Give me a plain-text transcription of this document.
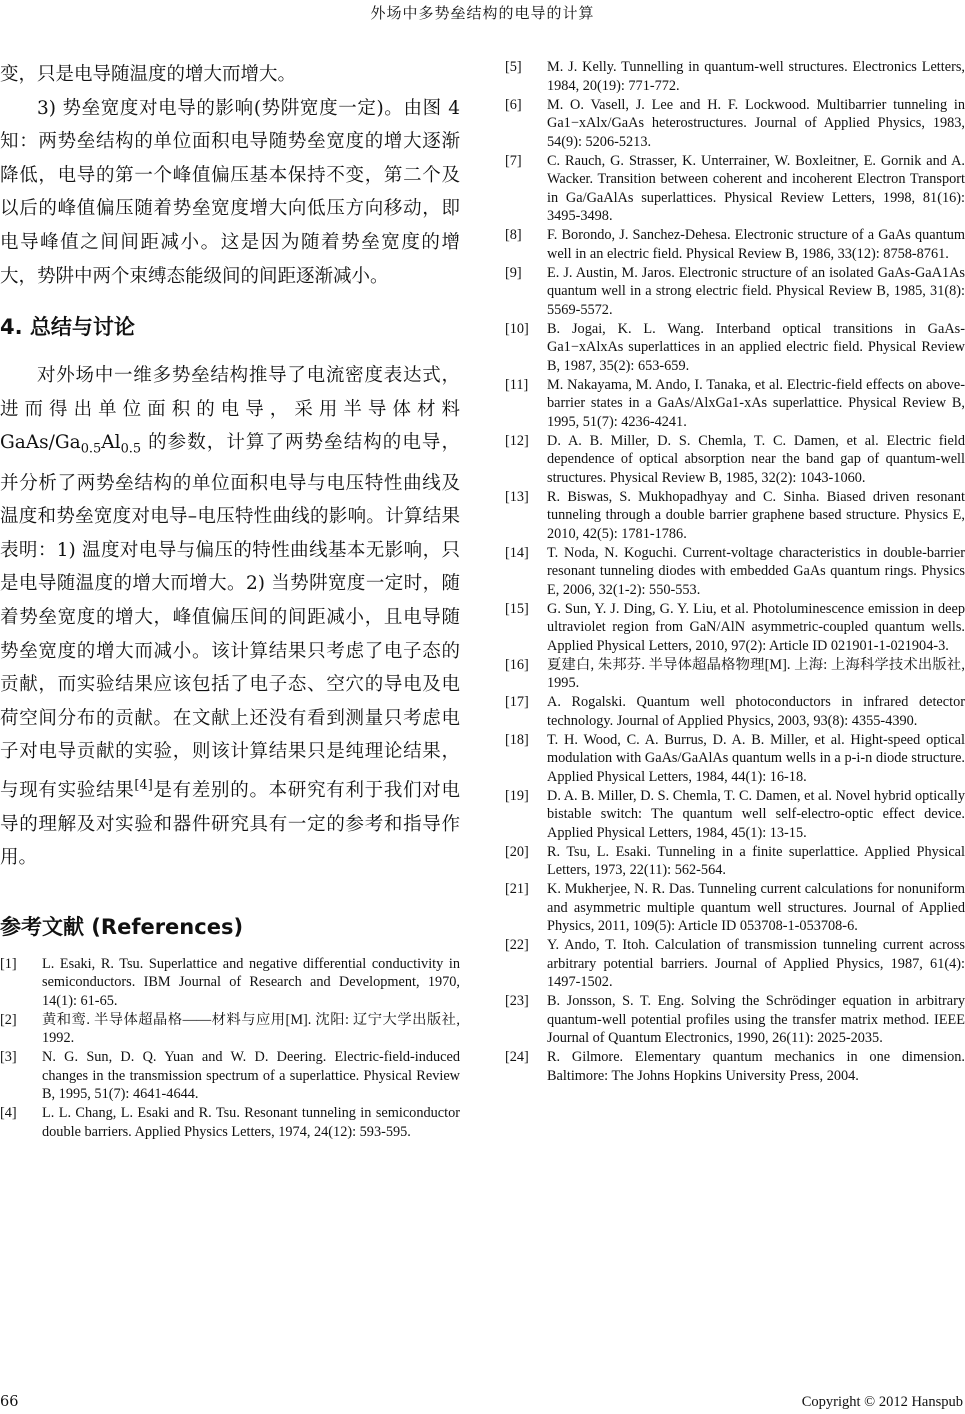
外场中多势垒结构的电导的计算

变，只是电导随温度的增大而增大。

3) 势垒宽度对电导的影响(势阱宽度一定)。由图 4 知：两势垒结构的单位面积电导随势垒宽度的增大逐渐降低，电导的第一个峰值偏压基本保持不变，第二个及以后的峰值偏压随着势垒宽度增大向低压方向移动，即电导峰值之间间距减小。这是因为随着势垒宽度的增大，势阱中两个束缚态能级间的间距逐渐减小。

4. 总结与讨论

对外场中一维多势垒结构推导了电流密度表达式，进而得出单位面积的电导，采用半导体材料 GaAs/$Ga_{0.5}Al_{0.5}$ 的参数，计算了两势垒结构的电导，并分析了两势垒结构的单位面积电导与电压特性曲线及温度和势垒宽度对电导–电压特性曲线的影响。计算结果表明：1) 温度对电导与偏压的特性曲线基本无影响，只是电导随温度的增大而增大。2) 当势阱宽度一定时，随着势垒宽度的增大，峰值偏压间的间距减小，且电导随势垒宽度的增大而减小。该计算结果只考虑了电子态的贡献，而实验结果应该包括了电子态、空穴的导电及电荷空间分布的贡献。在文献上还没有看到测量只考虑电子对电导贡献的实验，则该计算结果只是纯理论结果，与现有实验结果[4]是有差别的。本研究有利于我们对电导的理解及对实验和器件研究具有一定的参考和指导作用。

参考文献 (References)
[1]	L. Esaki, R. Tsu. Superlattice and negative differential conductivity in semiconductors. IBM Journal of Research and Development, 1970, 14(1): 61-65.
[2]	黄和鸾. 半导体超晶格——材料与应用[M]. 沈阳: 辽宁大学出版社, 1992.
[3]	N. G. Sun, D. Q. Yuan and W. D. Deering. Electric-field-induced changes in the transmission spectrum of a superlattice. Physical Review B, 1995, 51(7): 4641-4644.
[4]	L. L. Chang, L. Esaki and R. Tsu. Resonant tunneling in semiconductor double barriers. Applied Physics Letters, 1974, 24(12): 593-595.
[5]	M. J. Kelly. Tunnelling in quantum-well structures. Electronics Letters, 1984, 20(19): 771-772.
[6]	M. O. Vasell, J. Lee and H. F. Lockwood. Multibarrier tunneling in Ga1−xAlx/GaAs heterostructures. Journal of Applied Physics, 1983, 54(9): 5206-5213.
[7]	C. Rauch, G. Strasser, K. Unterrainer, W. Boxleitner, E. Gornik and A. Wacker. Transition between coherent and incoherent Electron Transport in Ga/GaAlAs superlattices. Physical Review Letters, 1998, 81(16): 3495-3498.
[8]	F. Borondo, J. Sanchez-Dehesa. Electronic structure of a GaAs quantum well in an electric field. Physical Review B, 1986, 33(12): 8758-8761.
[9]	E. J. Austin, M. Jaros. Electronic structure of an isolated GaAs-GaA1As quantum well in a strong electric field. Physical Review B, 1985, 31(8): 5569-5572.
[10]	B. Jogai, K. L. Wang. Interband optical transitions in GaAs-Ga1−xAlxAs superlattices in an applied electric field. Physical Review B, 1987, 35(2): 653-659.
[11]	M. Nakayama, M. Ando, I. Tanaka, et al. Electric-field effects on above-barrier states in a GaAs/AlxGa1-xAs superlattice. Physical Review B, 1995, 51(7): 4236-4241.
[12]	D. A. B. Miller, D. S. Chemla, T. C. Damen, et al. Electric field dependence of optical absorption near the band gap of quantum-well structures. Physical Review B, 1985, 32(2): 1043-1060.
[13]	R. Biswas, S. Mukhopadhyay and C. Sinha. Biased driven resonant tunneling through a double barrier graphene based structure. Physics E, 2010, 42(5): 1781-1786.
[14]	T. Noda, N. Koguchi. Current-voltage characteristics in double-barrier resonant tunneling diodes with embedded GaAs quantum rings. Physics E, 2006, 32(1-2): 550-553.
[15]	G. Sun, Y. J. Ding, G. Y. Liu, et al. Photoluminescence emission in deep ultraviolet region from GaN/AlN asymmetric-coupled quantum wells. Applied Physical Letters, 2010, 97(2): Article ID 021901-1-021904-3.
[16]	夏建白, 朱邦芬. 半导体超晶格物理[M]. 上海: 上海科学技术出版社, 1995.
[17]	A. Rogalski. Quantum well photoconductors in infrared detector technology. Journal of Applied Physics, 2003, 93(8): 4355-4390.
[18]	T. H. Wood, C. A. Burrus, D. A. B. Miller, et al. Hight-speed optical modulation with GaAs/GaAlAs quantum wells in a p-i-n diode structure. Applied Physical Letters, 1984, 44(1): 16-18.
[19]	D. A. B. Miller, D. S. Chemla, T. C. Damen, et al. Novel hybrid optically bistable switch: The quantum well self-electro-optic effect device. Applied Physical Letters, 1984, 45(1): 13-15.
[20]	R. Tsu, L. Esaki. Tunneling in a finite superlattice. Applied Physical Letters, 1973, 22(11): 562-564.
[21]	K. Mukherjee, N. R. Das. Tunneling current calculations for nonuniform and asymmetric multiple quantum well structures. Journal of Applied Physics, 2011, 109(5): Article ID 053708-1-053708-6.
[22]	Y. Ando, T. Itoh. Calculation of transmission tunneling current across arbitrary potential barriers. Journal of Applied Physics, 1987, 61(4): 1497-1502.
[23]	B. Jonsson, S. T. Eng. Solving the Schrödinger equation in arbitrary quantum-well potential profiles using the transfer matrix method. IEEE Journal of Quantum Electronics, 1990, 26(11): 2025-2035.
[24]	R. Gilmore. Elementary quantum mechanics in one dimension. Baltimore: The Johns Hopkins University Press, 2004.
66	Copyright © 2012 Hanspub
